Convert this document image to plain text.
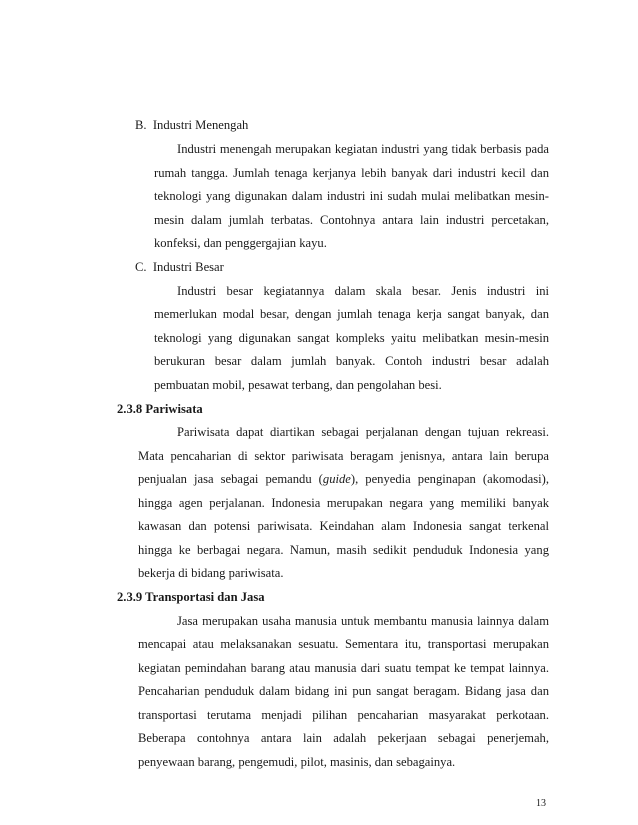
B.  Industri Menengah

Industri menengah merupakan kegiatan industri yang tidak berbasis pada

rumah tangga. Jumlah tenaga kerjanya lebih banyak dari industri kecil dan

teknologi yang digunakan dalam industri ini sudah mulai melibatkan mesin-

mesin dalam jumlah terbatas. Contohnya antara lain industri percetakan,

konfeksi, dan penggergajian kayu.

C.  Industri Besar

Industri besar kegiatannya dalam skala besar. Jenis industri ini

memerlukan modal besar, dengan jumlah tenaga kerja sangat banyak, dan

teknologi yang digunakan sangat kompleks yaitu melibatkan mesin-mesin

berukuran besar dalam jumlah banyak. Contoh industri besar adalah

pembuatan mobil, pesawat terbang, dan pengolahan besi.

2.3.8 Pariwisata

Pariwisata dapat diartikan sebagai perjalanan dengan tujuan rekreasi.

Mata pencaharian di sektor pariwisata beragam jenisnya, antara lain berupa

penjualan jasa sebagai pemandu (guide), penyedia penginapan (akomodasi),

hingga agen perjalanan. Indonesia merupakan negara yang memiliki banyak

kawasan dan potensi pariwisata. Keindahan alam Indonesia sangat terkenal

hingga ke berbagai negara. Namun, masih sedikit penduduk Indonesia yang

bekerja di bidang pariwisata.

2.3.9 Transportasi dan Jasa

Jasa merupakan usaha manusia untuk membantu manusia lainnya dalam

mencapai atau melaksanakan sesuatu. Sementara itu, transportasi merupakan

kegiatan pemindahan barang atau manusia dari suatu tempat ke tempat lainnya.

Pencaharian penduduk dalam bidang ini pun sangat beragam. Bidang jasa dan

transportasi terutama menjadi pilihan pencaharian masyarakat perkotaan.

Beberapa contohnya antara lain adalah pekerjaan sebagai penerjemah,

penyewaan barang, pengemudi, pilot, masinis, dan sebagainya.

13
